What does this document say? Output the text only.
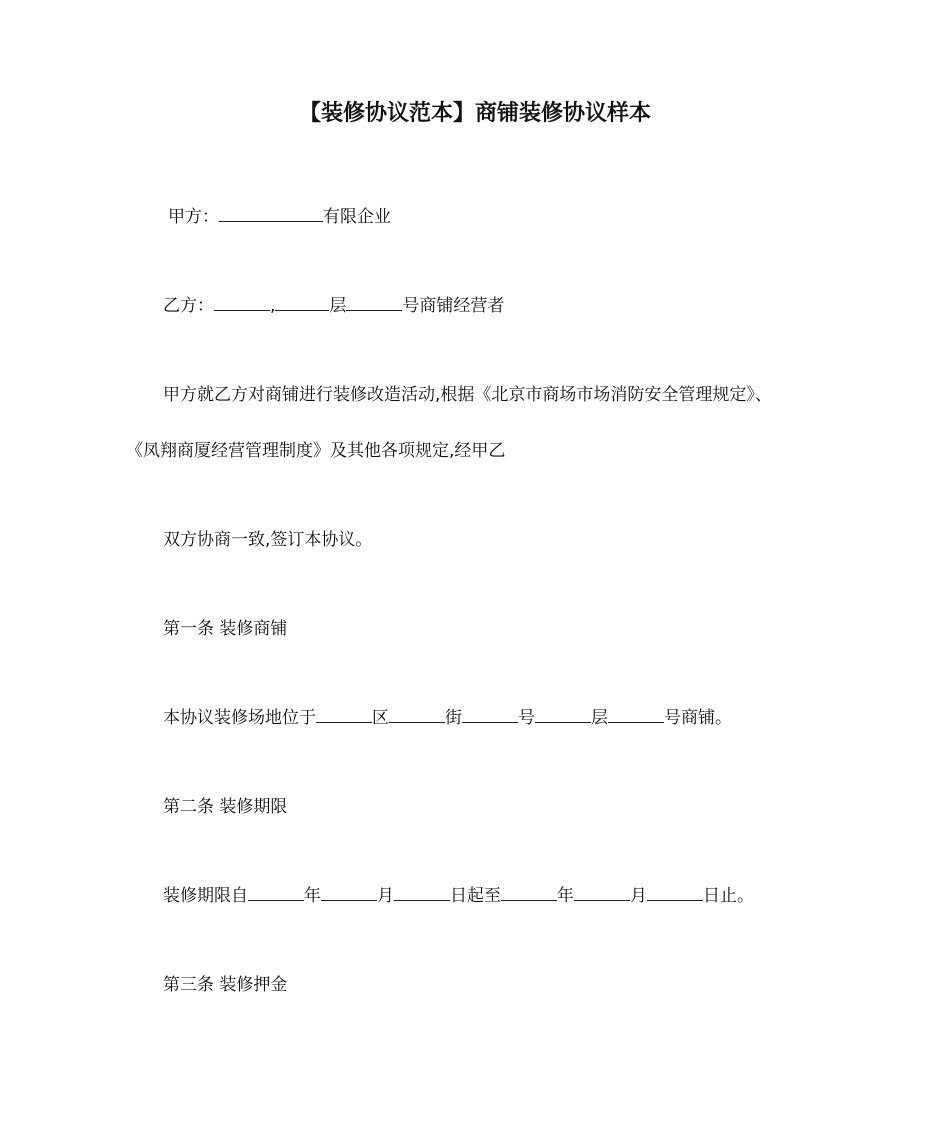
【装修协议范本】商铺装修协议样本
甲方：	有限企业
乙方：	,	层	号商铺经营者
甲方就乙方对商铺进行装修改造活动,根据《北京市商场市场消防安全管理规定》、
《凤翔商厦经营管理制度》及其他各项规定,经甲乙
双方协商一致,签订本协议。
第一条 装修商铺
本协议装修场地位于	区	街	号	层	号商铺。
第二条 装修期限
装修期限自	年	月	日起至	年	月	日止。
第三条 装修押金
